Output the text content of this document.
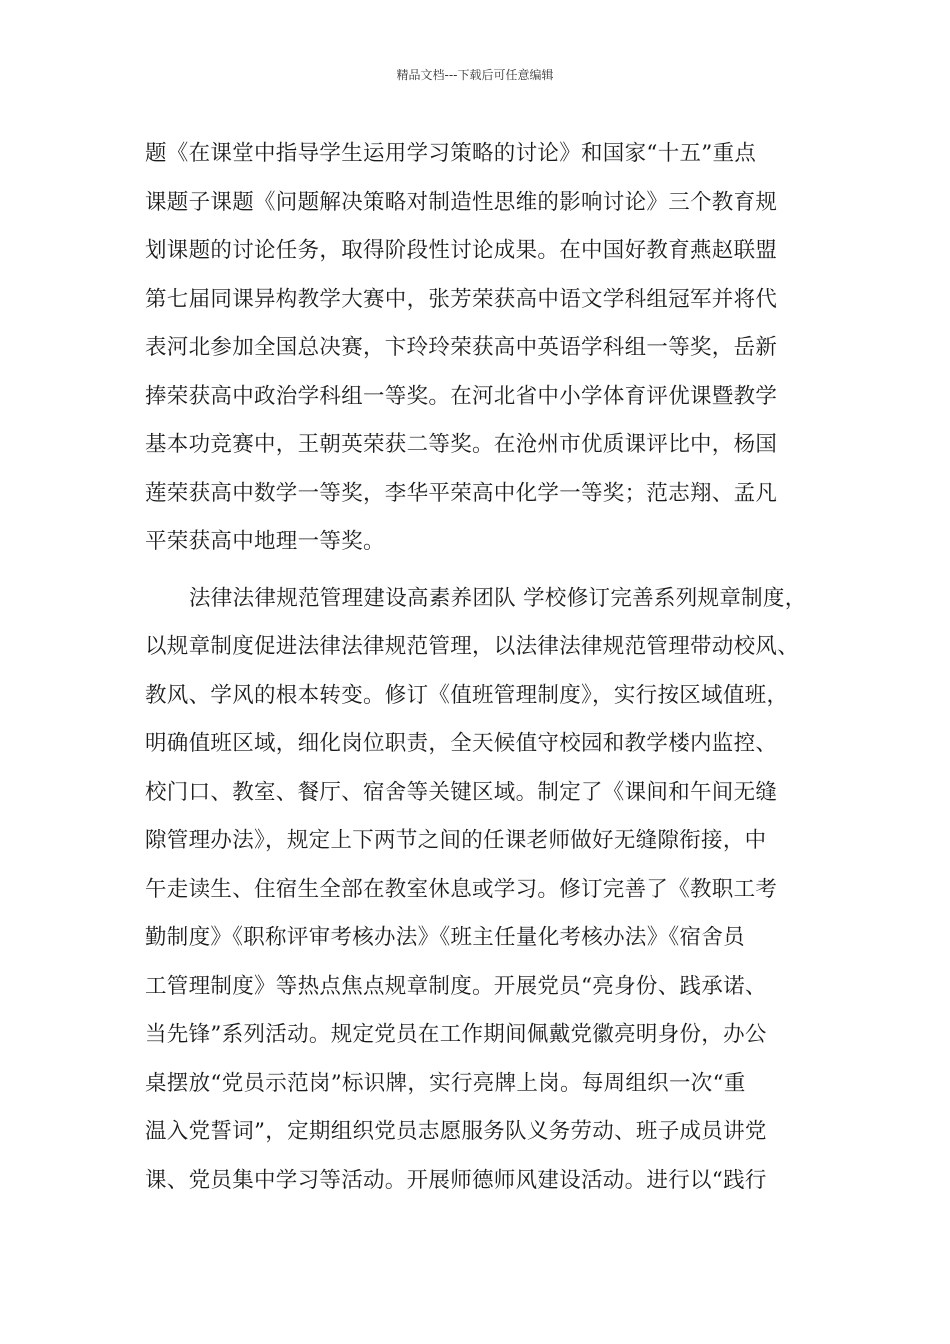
精品文档---下载后可任意编辑
题《在课堂中指导学生运用学习策略的讨论》和国家“十五”重点
课题子课题《问题解决策略对制造性思维的影响讨论》三个教育规
划课题的讨论任务，取得阶段性讨论成果。在中国好教育燕赵联盟
第七届同课异构教学大赛中，张芳荣获高中语文学科组冠军并将代
表河北参加全国总决赛，卞玲玲荣获高中英语学科组一等奖，岳新
捧荣获高中政治学科组一等奖。在河北省中小学体育评优课暨教学
基本功竞赛中，王朝英荣获二等奖。在沧州市优质课评比中，杨国
莲荣获高中数学一等奖，李华平荣高中化学一等奖；范志翔、孟凡
平荣获高中地理一等奖。
法律法律规范管理建设高素养团队 学校修订完善系列规章制度，
以规章制度促进法律法律规范管理，以法律法律规范管理带动校风、
教风、学风的根本转变。修订《值班管理制度》，实行按区域值班，
明确值班区域，细化岗位职责，全天候值守校园和教学楼内监控、
校门口、教室、餐厅、宿舍等关键区域。制定了《课间和午间无缝
隙管理办法》，规定上下两节之间的任课老师做好无缝隙衔接，中
午走读生、住宿生全部在教室休息或学习。修订完善了《教职工考
勤制度》《职称评审考核办法》《班主任量化考核办法》《宿舍员
工管理制度》等热点焦点规章制度。开展党员“亮身份、践承诺、
当先锋”系列活动。规定党员在工作期间佩戴党徽亮明身份，办公
桌摆放“党员示范岗”标识牌，实行亮牌上岗。每周组织一次“重
温入党誓词”，定期组织党员志愿服务队义务劳动、班子成员讲党
课、党员集中学习等活动。开展师德师风建设活动。进行以“践行
